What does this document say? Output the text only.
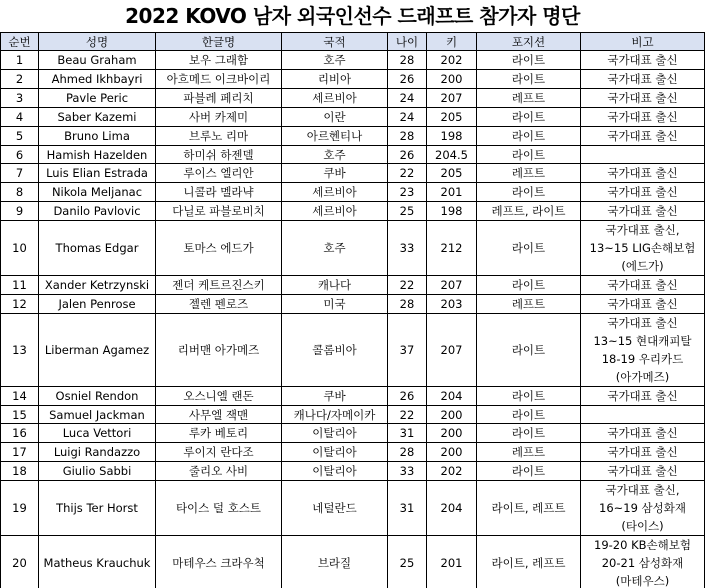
2022 KOVO 남자 외국인선수 드래프트 참가자 명단
순번	성명	한글명	국적	나이	키	포지션	비고
1	Beau Graham	보우 그래함	호주	28	202	라이트	국가대표 출신

2	Ahmed Ikhbayri	아흐메드 이크바이리	리비아	26	200	라이트	국가대표 출신

3	Pavle Peric	파블레 페리치	세르비아	24	207	레프트	국가대표 출신

4	Saber Kazemi	사버 카제미	이란	24	205	라이트	국가대표 출신

5	Bruno Lima	브루노 리마	아르헨티나	28	198	라이트	국가대표 출신

6	Hamish Hazelden	하미쉬 하젠델	호주	26	204.5	라이트	
7	Luis Elian Estrada	루이스 엘리안	쿠바	22	205	레프트	국가대표 출신

8	Nikola Meljanac	니콜라 멜라냑	세르비아	23	201	라이트	국가대표 출신

9	Danilo Pavlovic	다닐로 파블로비치	세르비아	25	198	레프트, 라이트	국가대표 출신

10	Thomas Edgar	토마스 에드가	호주	33	212	라이트	국가대표 출신,
13~15 LIG손해보험
(에드가)

11	Xander Ketrzynski	젠더 케트르진스키	캐나다	22	207	라이트	국가대표 출신

12	Jalen Penrose	젤렌 펜로즈	미국	28	203	레프트	국가대표 출신

13	Liberman Agamez	리버맨 아가메즈	콜롬비아	37	207	라이트	국가대표 출신
13~15 현대캐피탈
18-19 우리카드
(아가메즈)

14	Osniel Rendon	오스니엘 랜돈	쿠바	26	204	라이트	국가대표 출신

15	Samuel Jackman	사무엘 잭맨	캐나다/자메이카	22	200	라이트	
16	Luca Vettori	루카 베토리	이탈리아	31	200	라이트	국가대표 출신

17	Luigi Randazzo	루이지 란다조	이탈리아	28	200	레프트	국가대표 출신

18	Giulio Sabbi	줄리오 사비	이탈리아	33	202	라이트	국가대표 출신

19	Thijs Ter Horst	타이스 덜 호스트	네덜란드	31	204	라이트, 레프트	국가대표 출신,
16~19 삼성화재
(타이스)

20	Matheus Krauchuk	마테우스 크라우척	브라질	25	201	라이트, 레프트	19-20 KB손해보험
20-21 삼성화재
(마테우스)
